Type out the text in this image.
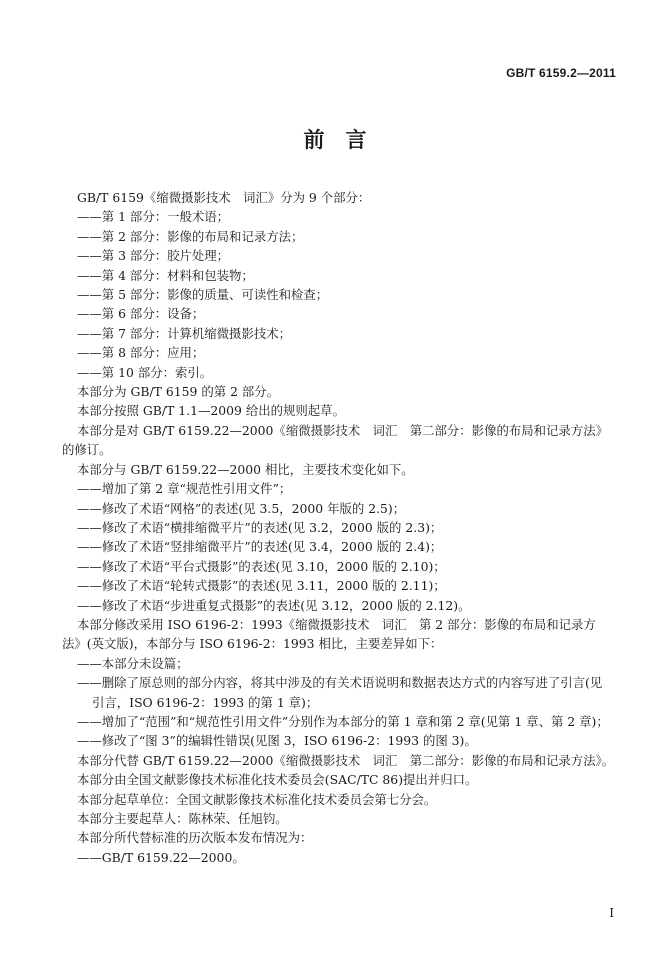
GB/T 6159.2—2011
前　言
GB/T 6159《缩微摄影技术　词汇》分为 9 个部分：
——第 1 部分：一般术语；
——第 2 部分：影像的布局和记录方法；
——第 3 部分：胶片处理；
——第 4 部分：材料和包装物；
——第 5 部分：影像的质量、可读性和检查；
——第 6 部分：设备；
——第 7 部分：计算机缩微摄影技术；
——第 8 部分：应用；
——第 10 部分：索引。
本部分为 GB/T 6159 的第 2 部分。
本部分按照 GB/T 1.1—2009 给出的规则起草。
本部分是对 GB/T 6159.22—2000《缩微摄影技术　词汇　第二部分：影像的布局和记录方法》的修订。
本部分与 GB/T 6159.22—2000 相比，主要技术变化如下。
——增加了第 2 章“规范性引用文件”；
——修改了术语“网格”的表述(见 3.5，2000 年版的 2.5)；
——修改了术语“横排缩微平片”的表述(见 3.2，2000 版的 2.3)；
——修改了术语“竖排缩微平片”的表述(见 3.4，2000 版的 2.4)；
——修改了术语“平台式摄影”的表述(见 3.10，2000 版的 2.10)；
——修改了术语“轮转式摄影”的表述(见 3.11，2000 版的 2.11)；
——修改了术语“步进重复式摄影”的表述(见 3.12，2000 版的 2.12)。
本部分修改采用 ISO 6196-2：1993《缩微摄影技术　词汇　第 2 部分：影像的布局和记录方法》(英文版)，本部分与 ISO 6196-2：1993 相比，主要差异如下：
——本部分未设篇；
——删除了原总则的部分内容，将其中涉及的有关术语说明和数据表达方式的内容写进了引言(见
引言，ISO 6196-2：1993 的第 1 章)；
——增加了“范围”和“规范性引用文件”分别作为本部分的第 1 章和第 2 章(见第 1 章、第 2 章)；
——修改了“图 3”的编辑性错误(见图 3，ISO 6196-2：1993 的图 3)。
本部分代替 GB/T 6159.22—2000《缩微摄影技术　词汇　第二部分：影像的布局和记录方法》。
本部分由全国文献影像技术标准化技术委员会(SAC/TC 86)提出并归口。
本部分起草单位：全国文献影像技术标准化技术委员会第七分会。
本部分主要起草人：陈林荣、任旭钧。
本部分所代替标准的历次版本发布情况为：
——GB/T 6159.22—2000。
I
